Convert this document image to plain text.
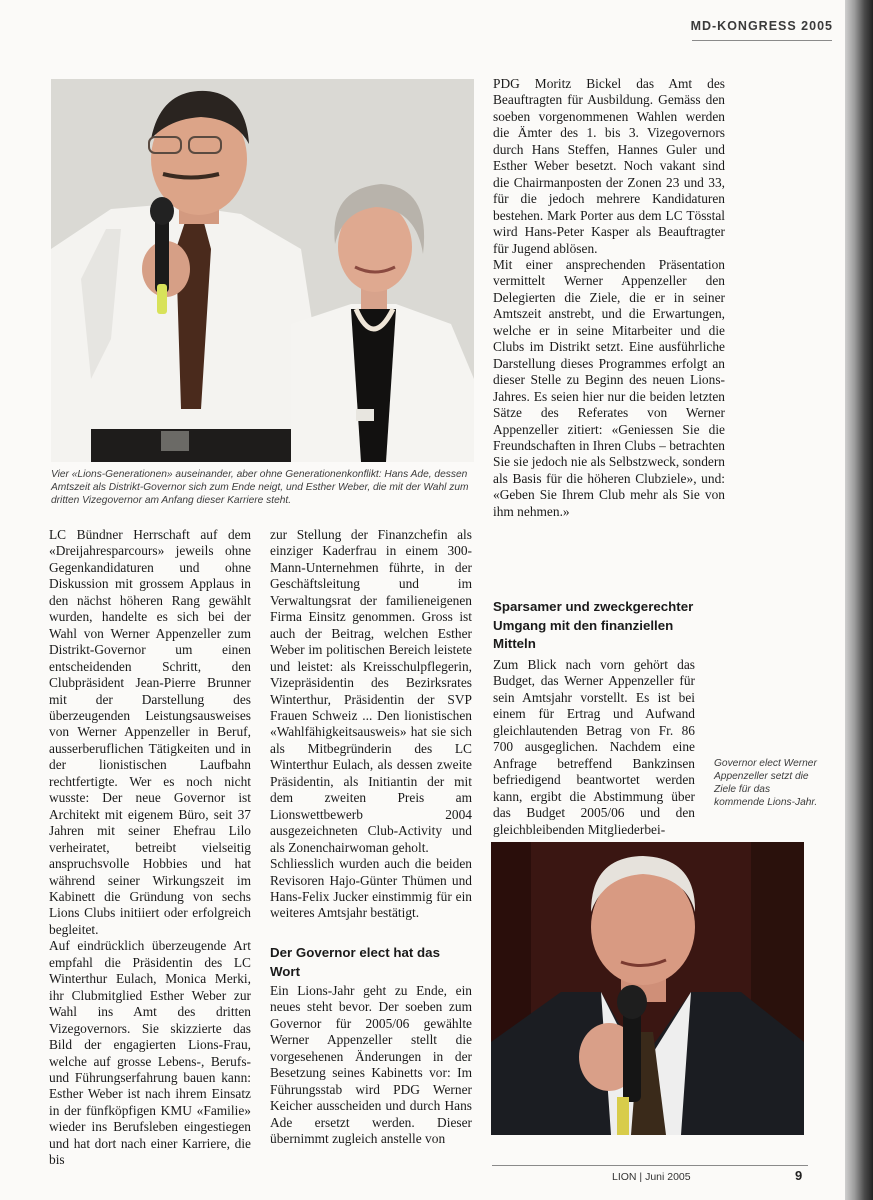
MD-KONGRESS 2005
Vier «Lions-Generationen» auseinander, aber ohne Generationenkonflikt: Hans Ade, dessen Amtszeit als Distrikt-Governor sich zum Ende neigt, und Esther Weber, die mit der Wahl zum dritten Vizegovernor am Anfang dieser Karriere steht.

LC Bündner Herrschaft auf dem «Dreijahresparcours» jeweils ohne Gegenkandidaturen und ohne Diskussion mit grossem Applaus in den nächst höheren Rang gewählt wurden, handelte es sich bei der Wahl von Werner Appenzeller zum Distrikt-Governor um einen entscheidenden Schritt, den Clubpräsident Jean-Pierre Brunner mit der Darstellung des überzeugenden Leistungsausweises von Werner Appenzeller in Beruf, ausserberuflichen Tätigkeiten und in der lionistischen Laufbahn rechtfertigte. Wer es noch nicht wusste: Der neue Governor ist Architekt mit eigenem Büro, seit 37 Jahren mit seiner Ehefrau Lilo verheiratet, betreibt vielseitig anspruchsvolle Hobbies und hat während seiner Wirkungszeit im Kabinett die Gründung von sechs Lions Clubs initiiert oder erfolgreich begleitet.

Auf eindrücklich überzeugende Art empfahl die Präsidentin des LC Winterthur Eulach, Monica Merki, ihr Clubmitglied Esther Weber zur Wahl ins Amt des dritten Vizegovernors. Sie skizzierte das Bild der engagierten Lions-Frau, welche auf grosse Lebens-, Berufs- und Führungserfahrung bauen kann: Esther Weber ist nach ihrem Einsatz in der fünfköpfigen KMU «Familie» wieder ins Berufsleben eingestiegen und hat dort nach einer Karriere, die bis

zur Stellung der Finanzchefin als einziger Kaderfrau in einem 300-Mann-Unternehmen führte, in der Geschäftsleitung und im Verwaltungsrat der familieneigenen Firma Einsitz genommen. Gross ist auch der Beitrag, welchen Esther Weber im politischen Bereich leistete und leistet: als Kreisschulpflegerin, Vizepräsidentin des Bezirksrates Winterthur, Präsidentin der SVP Frauen Schweiz ... Den lionistischen «Wahlfähigkeitsausweis» hat sie sich als Mitbegründerin des LC Winterthur Eulach, als dessen zweite Präsidentin, als Initiantin der mit dem zweiten Preis am Lionswettbewerb 2004 ausgezeichneten Club-Activity und als Zonenchairwoman geholt.

Schliesslich wurden auch die beiden Revisoren Hajo-Günter Thümen und Hans-Felix Jucker einstimmig für ein weiteres Amtsjahr bestätigt.

Der Governor elect hat das Wort

Ein Lions-Jahr geht zu Ende, ein neues steht bevor. Der soeben zum Governor für 2005/06 gewählte Werner Appenzeller stellt die vorgesehenen Änderungen in der Besetzung seines Kabinetts vor: Im Führungsstab wird PDG Werner Keicher ausscheiden und durch Hans Ade ersetzt werden. Dieser übernimmt zugleich anstelle von

PDG Moritz Bickel das Amt des Beauftragten für Ausbildung. Gemäss den soeben vorgenommenen Wahlen werden die Ämter des 1. bis 3. Vizegovernors durch Hans Steffen, Hannes Guler und Esther Weber besetzt. Noch vakant sind die Chairmanposten der Zonen 23 und 33, für die jedoch mehrere Kandidaturen bestehen. Mark Porter aus dem LC Tösstal wird Hans-Peter Kasper als Beauftragter für Jugend ablösen.

Mit einer ansprechenden Präsentation vermittelt Werner Appenzeller den Delegierten die Ziele, die er in seiner Amtszeit anstrebt, und die Erwartungen, welche er in seine Mitarbeiter und die Clubs im Distrikt setzt. Eine ausführliche Darstellung dieses Programmes erfolgt an dieser Stelle zu Beginn des neuen Lions-Jahres. Es seien hier nur die beiden letzten Sätze des Referates von Werner Appenzeller zitiert: «Geniessen Sie die Freundschaften in Ihren Clubs – betrachten Sie sie jedoch nie als Selbstzweck, sondern als Basis für die höheren Clubziele», und: «Geben Sie Ihrem Club mehr als Sie von ihm nehmen.»

Sparsamer und zweckgerechter Umgang mit den finanziellen Mitteln

Zum Blick nach vorn gehört das Budget, das Werner Appenzeller für sein Amtsjahr vorstellt. Es ist bei einem für Ertrag und Aufwand gleichlautenden Betrag von Fr. 86 700 ausgeglichen. Nachdem eine Anfrage betreffend Bankzinsen befriedigend beantwortet werden kann, ergibt die Abstimmung über das Budget 2005/06 und den gleichbleibenden Mitgliederbei-

Governor elect Werner Appenzeller setzt die Ziele für das kommende Lions-Jahr.
LION | Juni 2005	9
